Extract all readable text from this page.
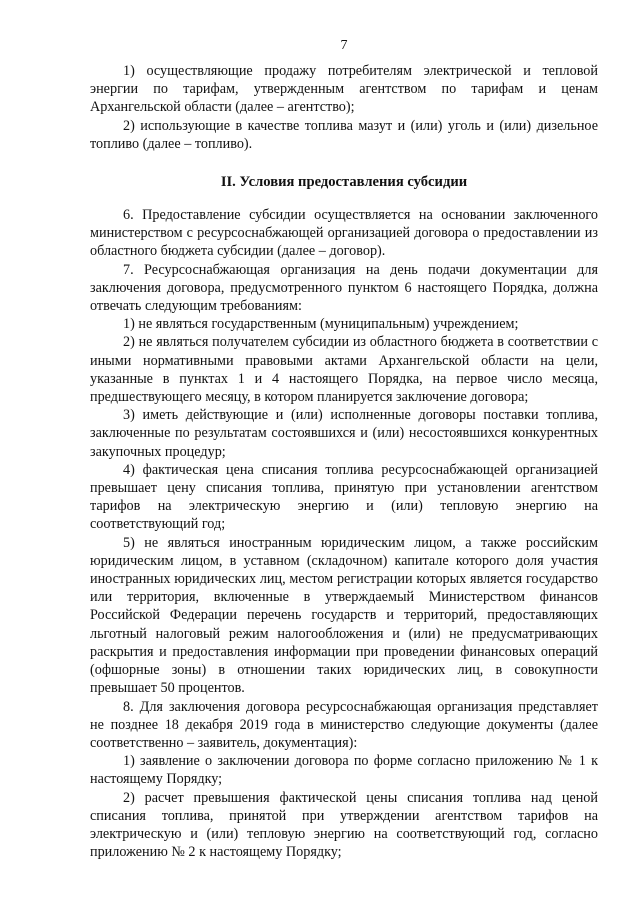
7

1) осуществляющие продажу потребителям электрической и тепловой энергии по тарифам, утвержденным агентством по тарифам и ценам Архангельской области (далее – агентство);

2) использующие в качестве топлива мазут и (или) уголь и (или) дизельное топливо (далее – топливо).

II. Условия предоставления субсидии

6. Предоставление субсидии осуществляется на основании заключенного министерством с ресурсоснабжающей организацией договора о предоставлении из областного бюджета субсидии (далее – договор).

7. Ресурсоснабжающая организация на день подачи документации для заключения договора, предусмотренного пунктом 6 настоящего Порядка, должна отвечать следующим требованиям:

1) не являться государственным (муниципальным) учреждением;

2) не являться получателем субсидии из областного бюджета в соответствии с иными нормативными правовыми актами Архангельской области на цели, указанные в пунктах 1 и 4 настоящего Порядка, на первое число месяца, предшествующего месяцу, в котором планируется заключение договора;

3) иметь действующие и (или) исполненные договоры поставки топлива, заключенные по результатам состоявшихся и (или) несостоявшихся конкурентных закупочных процедур;

4) фактическая цена списания топлива ресурсоснабжающей организацией превышает цену списания топлива, принятую при установлении агентством тарифов на электрическую энергию и (или) тепловую энергию на соответствующий год;

5) не являться иностранным юридическим лицом, а также российским юридическим лицом, в уставном (складочном) капитале которого доля участия иностранных юридических лиц, местом регистрации которых является государство или территория, включенные в утверждаемый Министерством финансов Российской Федерации перечень государств и территорий, предоставляющих льготный налоговый режим налогообложения и (или) не предусматривающих раскрытия и предоставления информации при проведении финансовых операций (офшорные зоны) в отношении таких юридических лиц, в совокупности превышает 50 процентов.

8. Для заключения договора ресурсоснабжающая организация представляет не позднее 18 декабря 2019 года в министерство следующие документы (далее соответственно – заявитель, документация):

1) заявление о заключении договора по форме согласно приложению № 1 к настоящему Порядку;

2) расчет превышения фактической цены списания топлива над ценой списания топлива, принятой при утверждении агентством тарифов на электрическую и (или) тепловую энергию на соответствующий год, согласно приложению № 2 к настоящему Порядку;
